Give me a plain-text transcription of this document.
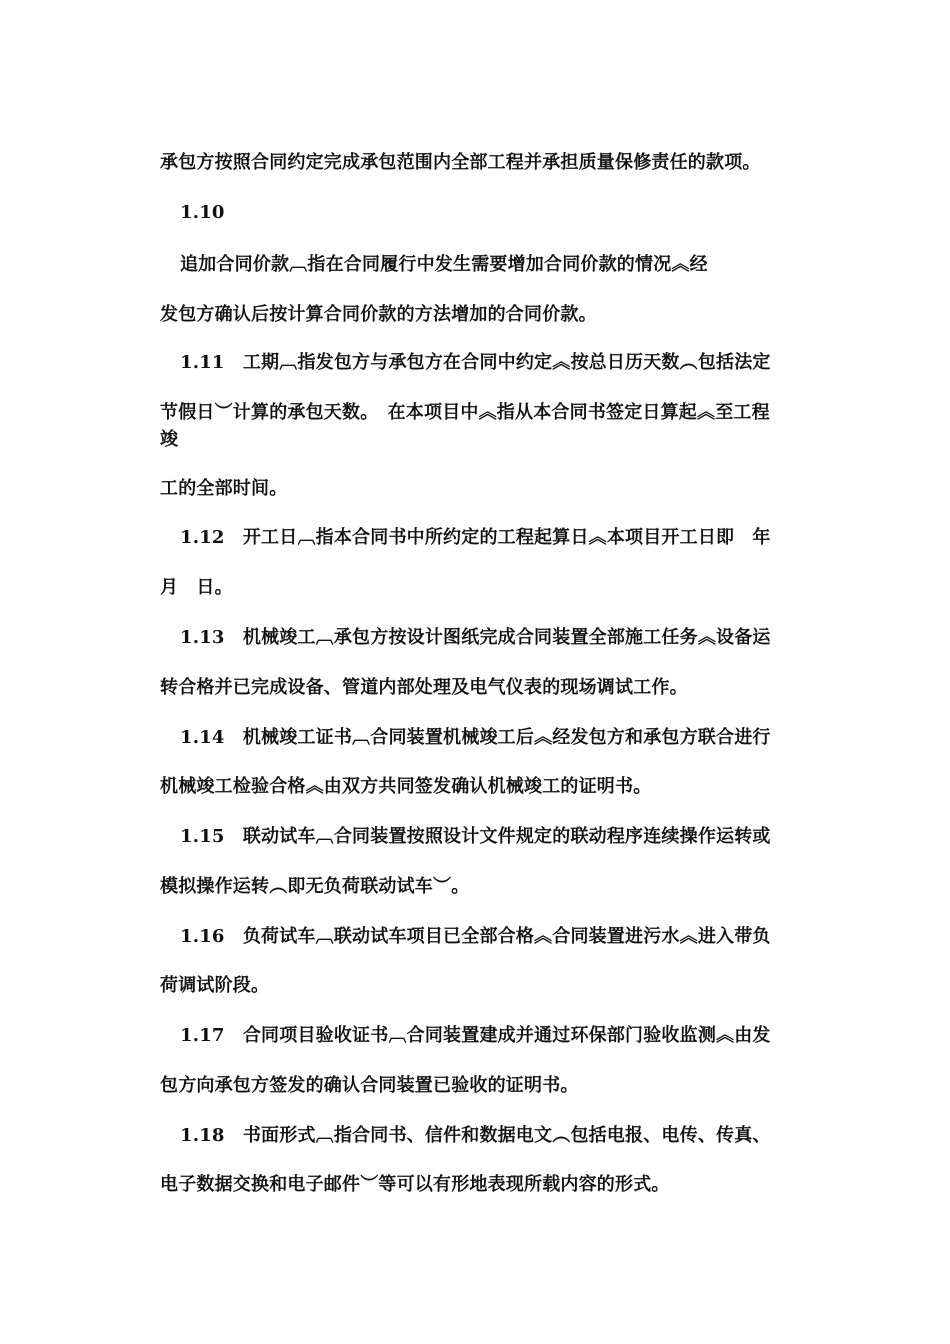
承包方按照合同约定完成承包范围内全部工程并承担质量保修责任的款项。
1.10
追加合同价款︹指在合同履行中发生需要增加合同价款的情况︽经
发包方确认后按计算合同价款的方法增加的合同价款。
1.11　工期︹指发包方与承包方在合同中约定︽按总日历天数︵包括法定
节假日︶计算的承包天数。　在本项目中︽指从本合同书签定日算起︽至工程
竣
工的全部时间。
1.12　开工日︹指本合同书中所约定的工程起算日︽本项目开工日即　年
月　日。
1.13　机械竣工︹承包方按设计图纸完成合同装置全部施工任务︽设备运
转合格并已完成设备、管道内部处理及电气仪表的现场调试工作。
1.14　机械竣工证书︹合同装置机械竣工后︽经发包方和承包方联合进行
机械竣工检验合格︽由双方共同签发确认机械竣工的证明书。
1.15　联动试车︹合同装置按照设计文件规定的联动程序连续操作运转或
模拟操作运转︵即无负荷联动试车︶。
1.16　负荷试车︹联动试车项目已全部合格︽合同装置进污水︽进入带负
荷调试阶段。
1.17　合同项目验收证书︹合同装置建成并通过环保部门验收监测︽由发
包方向承包方签发的确认合同装置已验收的证明书。
1.18　书面形式︹指合同书、信件和数据电文︵包括电报、电传、传真、
电子数据交换和电子邮件︶等可以有形地表现所载内容的形式。
